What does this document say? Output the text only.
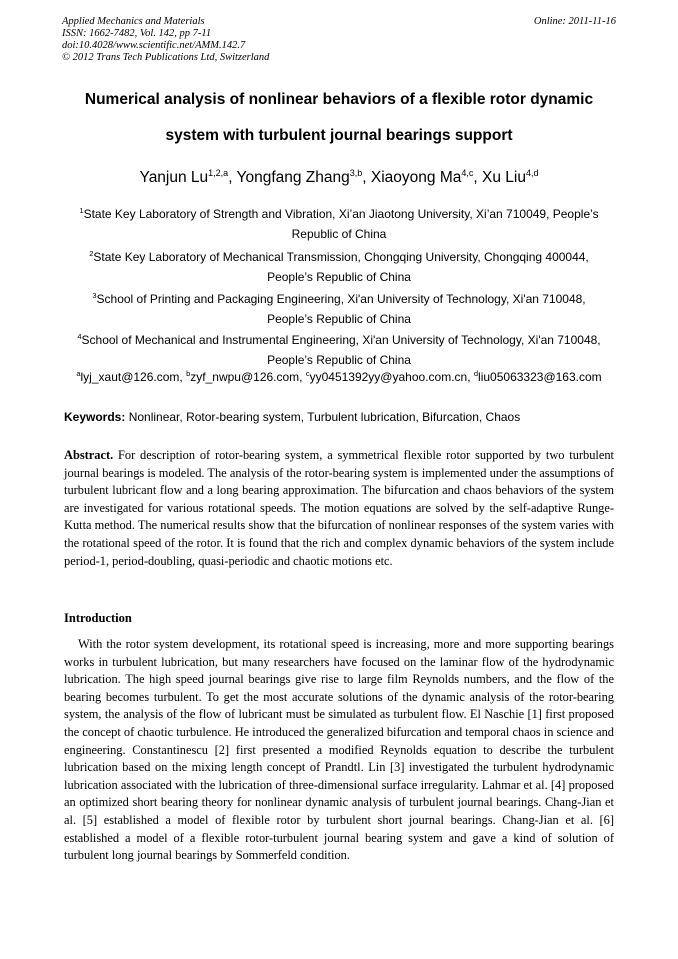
Applied Mechanics and Materials
ISSN: 1662-7482, Vol. 142, pp 7-11
doi:10.4028/www.scientific.net/AMM.142.7
© 2012 Trans Tech Publications Ltd, Switzerland
Online: 2011-11-16
Numerical analysis of nonlinear behaviors of a flexible rotor dynamic
system with turbulent journal bearings support
Yanjun Lu$^{1,2,a}$, Yongfang Zhang$^{3,b}$, Xiaoyong Ma$^{4,c}$, Xu Liu$^{4,d}$
$^1$State Key Laboratory of Strength and Vibration, Xi’an Jiaotong University, Xi’an 710049, People’s
Republic of China
$^2$State Key Laboratory of Mechanical Transmission, Chongqing University, Chongqing 400044,
People’s Republic of China
$^3$School of Printing and Packaging Engineering, Xi'an University of Technology, Xi'an 710048,
People’s Republic of China
$^4$School of Mechanical and Instrumental Engineering, Xi'an University of Technology, Xi'an 710048,
People’s Republic of China
$^a$lyj_xaut@126.com, $^b$zyf_nwpu@126.com, $^c$yy0451392yy@yahoo.com.cn, $^d$liu05063323@163.com
Keywords: Nonlinear, Rotor-bearing system, Turbulent lubrication, Bifurcation, Chaos

Abstract. For description of rotor-bearing system, a symmetrical flexible rotor supported by two turbulent journal bearings is modeled. The analysis of the rotor-bearing system is implemented under the assumptions of turbulent lubricant flow and a long bearing approximation. The bifurcation and chaos behaviors of the system are investigated for various rotational speeds. The motion equations are solved by the self-adaptive Runge-Kutta method. The numerical results show that the bifurcation of nonlinear responses of the system varies with the rotational speed of the rotor. It is found that the rich and complex dynamic behaviors of the system include period-1, period-doubling, quasi-periodic and chaotic motions etc.

Introduction

With the rotor system development, its rotational speed is increasing, more and more supporting bearings works in turbulent lubrication, but many researchers have focused on the laminar flow of the hydrodynamic lubrication. The high speed journal bearings give rise to large film Reynolds numbers, and the flow of the bearing becomes turbulent. To get the most accurate solutions of the dynamic analysis of the rotor-bearing system, the analysis of the flow of lubricant must be simulated as turbulent flow. El Naschie [1] first proposed the concept of chaotic turbulence. He introduced the generalized bifurcation and temporal chaos in science and engineering. Constantinescu [2] first presented a modified Reynolds equation to describe the turbulent lubrication based on the mixing length concept of Prandtl. Lin [3] investigated the turbulent hydrodynamic lubrication associated with the lubrication of three-dimensional surface irregularity. Lahmar et al. [4] proposed an optimized short bearing theory for nonlinear dynamic analysis of turbulent journal bearings. Chang-Jian et al. [5] established a model of flexible rotor by turbulent short journal bearings. Chang-Jian et al. [6] established a model of a flexible rotor-turbulent journal bearing system and gave a kind of solution of turbulent long journal bearings by Sommerfeld condition.
